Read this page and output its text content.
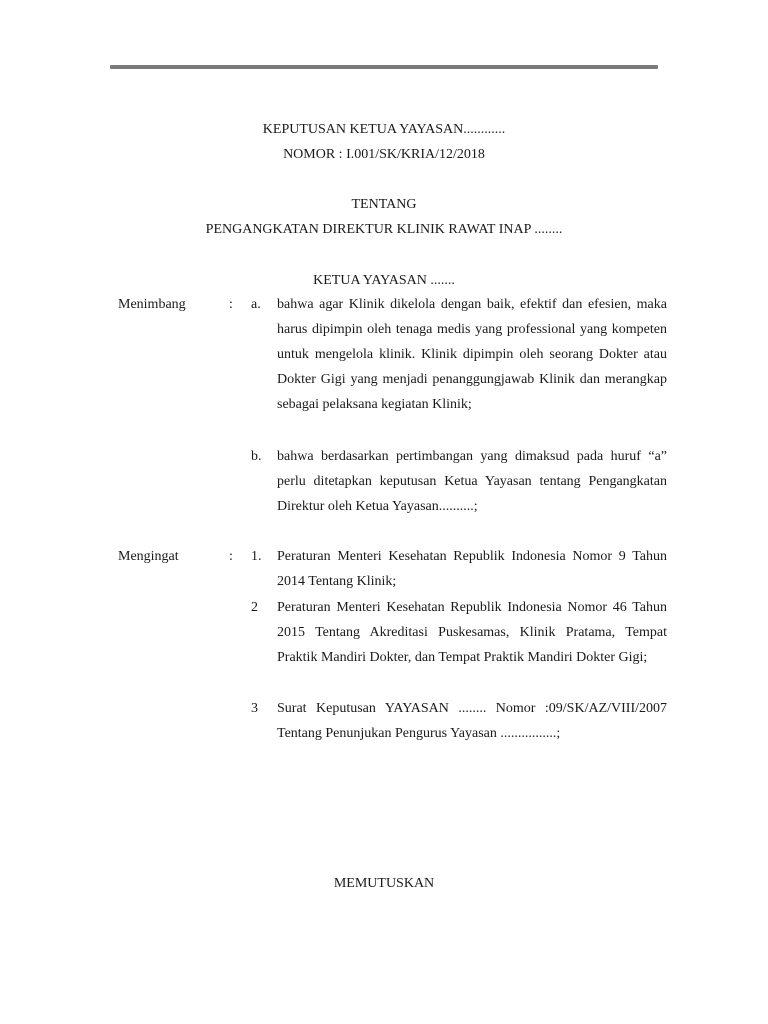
KEPUTUSAN KETUA YAYASAN............
NOMOR : I.001/SK/KRIA/12/2018
TENTANG
PENGANGKATAN DIREKTUR KLINIK RAWAT INAP ........
KETUA YAYASAN .......
Menimbang	: a. bahwa agar Klinik dikelola dengan baik, efektif dan efesien, maka harus dipimpin oleh tenaga medis yang professional yang kompeten untuk mengelola klinik. Klinik dipimpin oleh seorang Dokter atau Dokter Gigi yang menjadi penanggungjawab Klinik dan merangkap sebagai pelaksana kegiatan Klinik;

b. bahwa berdasarkan pertimbangan yang dimaksud pada huruf “a” perlu ditetapkan keputusan Ketua Yayasan tentang Pengangkatan Direktur oleh Ketua Yayasan..........;

Mengingat	: 1. Peraturan Menteri Kesehatan Republik Indonesia Nomor 9 Tahun 2014 Tentang Klinik;

2 Peraturan Menteri Kesehatan Republik Indonesia Nomor 46 Tahun 2015 Tentang Akreditasi Puskesamas, Klinik Pratama, Tempat Praktik Mandiri Dokter, dan Tempat Praktik Mandiri Dokter Gigi;

3 Surat Keputusan YAYASAN ........ Nomor :09/SK/AZ/VIII/2007 Tentang Penunjukan Pengurus Yayasan ................;

MEMUTUSKAN
